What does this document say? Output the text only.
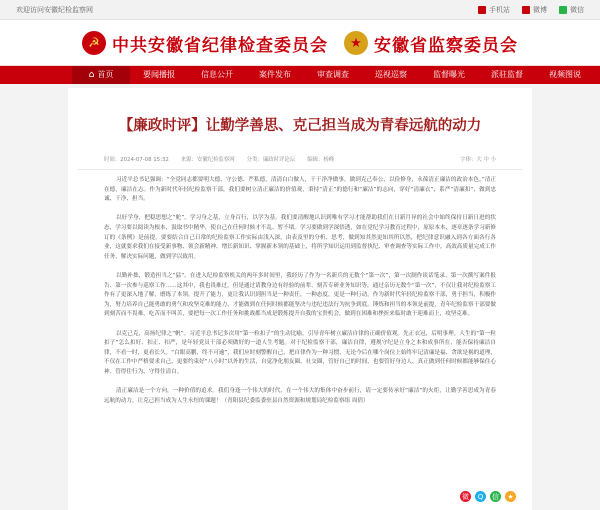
欢迎访问安徽纪检监察网	手机站	微博	微信
☭ 中共安徽省纪律检查委员会	★ 安徽省监察委员会
⌂ 首页	要闻播报	信息公开	案件发布	审查调查	巡视巡察	监督曝光	派驻监督	视频图说
【廉政时评】让勤学善思、克己担当成为青春远航的动力
时间：2024-07-08 15:32 来源：安徽纪检监察网 分类：廉政时评论坛 编辑：杨峰	字体：大 中 小

习近平总书记强调：“全党同志都要明大德、守公德、严私德，清清白白做人，干干净净做事，做到克己奉公、以俭修身，永葆清正廉洁的政治本色。”清正在德，廉洁在志。作为新时代年轻纪检监察干部，我们要树立清正廉洁的价值观，秉持“清正”的德行和“廉洁”的志向，穿好“清廉衣”，系严“清廉扣”，做到忠诚、干净、担当。

以好学身，把稳思想之“舵”。学习身之基，立身百行，以学为基。我们要清醒地认识到唯有学习才能帮助我们在日新月异的社会中始终保持日新日进的状态，学习要以阅读为根本，汲取书中精华，使自己在任何时候才不乱、暂不堵。学习要做到学深悟透，如在党纪学习教育过程中，原原本本、逐章逐条学习新修订的《条例》是前提，要要结合自己日常的纪检监察工作实际由浅入深，由表及里的分析、思考，做到知其然更知其所以然，把纪律意识融入到各方面各行各业，这就要求我们在接受新事物、领会新精神、增长新知识、掌握新本领的基础上，将所学知识运用到监督执纪、审查调查等实际工作中，高效高质量完成工作任务，解决实际问题，做到学以致用。

以勤补拙，锻造担当之“猛”。在进入纪检监察机关的两年多时间里，我经历了作为一名新兵的无数个“第一次”，第一次制作谈话笔录、第一次撰写案件报告、第一次参与巡察工作……这其中，我也畏难过，但是通过请教身边有经验的前辈、刻苦专研业务知识等，通过亲历无数个“第一次”，不仅让我对纪检监察工作有了更深入地了解，磨练了本领，提升了能力，更让我认识到担当是一种责任，一种态度，更是一种行动。作为新时代年轻纪检监察干部，勇于担当，积极作为，努力培养自己能勇敢的勇气和攻坚克难的能力，才能做到在任何时候都能坚决与违纪违法行为抗争到底。锤炼和担当的本领是前提，青年纪检监察干部要做到刻苦而不畏难，吃苦而不叫苦，要把每一次工作任务和挑战都当成是锻炼提升自我的宝贵机会，做到在困难和挫折来临时敢于迎难而上，攻坚克难。

以克己克，高扬纪律之“帆”。习近平总书记多次用“第一粒扣子”的生动比喻，引导青年树立廉洁自律的正确价值观。先正衣冠，后明事理。人生的“第一粒扣子”怎么扣好、扣正、扣严，是年轻党员干部必须做好的一道人生考题。对于纪检监察干部，廉洁自律，遵规守纪是立身之本和成事所在，能否保持廉洁自律，不看一时，更看长久。“白眼高鹏，终不可逾”，我们应时刻警醒自己，把自律作为一种习惯，无论今后在哪个岗位上始终牢记清廉是福、贪欲是祸的道理，不仅在工作中严格要求自己，更要约束好“八小时”以外的生活，自觉净化朋友圈、社交圈，管好自己的时间，也要管好身边人，真正做到任何时候都能够保住心神、管得住行为、守得住清白。

清正廉洁是一个方向，一种价值的追求。我们身逢一个伟大的时代，在一个伟大的集体中奋步前行，请一定要传承好“廉洁”的火炬，让勤学善思成为青春远航的动力，让克己担当成为人生永恒的课题！（青阳县纪委监委驻县自然资源和规划局纪检监察组 周倩）

微	Q	信	★
